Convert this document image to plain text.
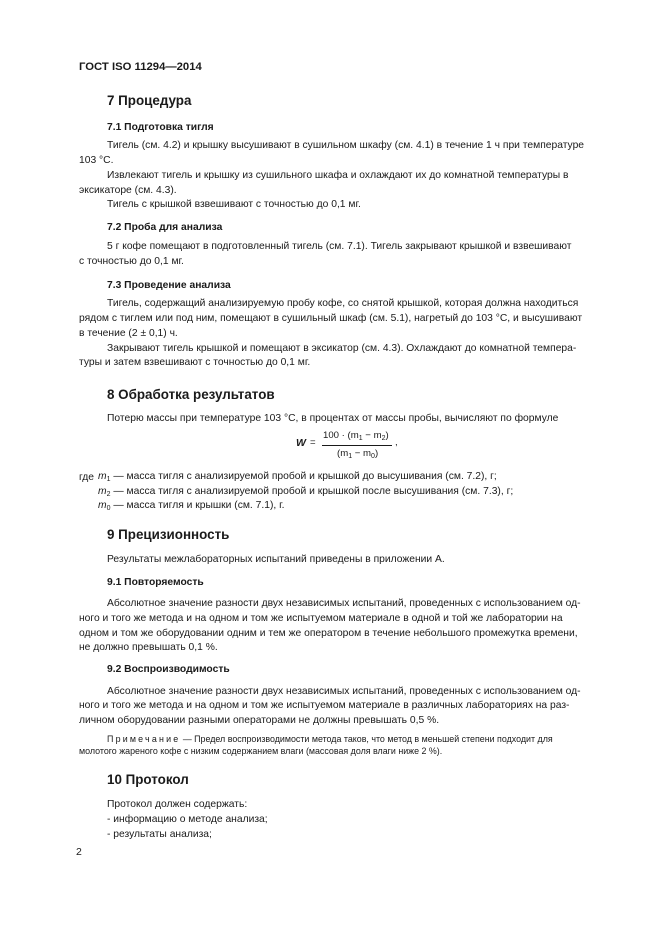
ГОСТ ISO 11294—2014
7 Процедура
7.1 Подготовка тигля
Тигель (см. 4.2) и крышку высушивают в сушильном шкафу (см. 4.1) в течение 1 ч при температуре
103 °С.
Извлекают тигель и крышку из сушильного шкафа и охлаждают их до комнатной температуры в
эксикаторе (см. 4.3).
Тигель с крышкой взвешивают с точностью до 0,1 мг.
7.2 Проба для анализа
5 г кофе помещают в подготовленный тигель (см. 7.1). Тигель закрывают крышкой и взвешивают
с точностью до 0,1 мг.
7.3 Проведение анализа
Тигель, содержащий анализируемую пробу кофе, со снятой крышкой, которая должна находиться
рядом с тиглем или под ним, помещают в сушильный шкаф (см. 5.1), нагретый до 103 °С, и высушивают
в течение (2 ± 0,1) ч.
Закрывают тигель крышкой и помещают в эксикатор (см. 4.3). Охлаждают до комнатной темпера-
туры и затем взвешивают с точностью до 0,1 мг.
8 Обработка результатов
Потерю массы при температуре 103 °С, в процентах от массы пробы, вычисляют по формуле
W =
$100 \cdot (m_1 - m_2)$
$(m_1 - m_0)$
,
где $m_1$ — масса тигля с анализируемой пробой и крышкой до высушивания (см. 7.2), г;
$m_2$ — масса тигля с анализируемой пробой и крышкой после высушивания (см. 7.3), г;
$m_0$ — масса тигля и крышки (см. 7.1), г.
9 Прецизионность
Результаты межлабораторных испытаний приведены в приложении А.
9.1 Повторяемость
Абсолютное значение разности двух независимых испытаний, проведенных с использованием од-
ного и того же метода и на одном и том же испытуемом материале в одной и той же лаборатории на
одном и том же оборудовании одним и тем же оператором в течение небольшого промежутка времени,
не должно превышать 0,1 %.
9.2 Воспроизводимость
Абсолютное значение разности двух независимых испытаний, проведенных с использованием од-
ного и того же метода и на одном и том же испытуемом материале в различных лабораториях на раз-
личном оборудовании разными операторами не должны превышать 0,5 %.
Примечание — Предел воспроизводимости метода таков, что метод в меньшей степени подходит для
молотого жареного кофе с низким содержанием влаги (массовая доля влаги ниже 2 %).
10 Протокол
Протокол должен содержать:
- информацию о методе анализа;
- результаты анализа;
2
